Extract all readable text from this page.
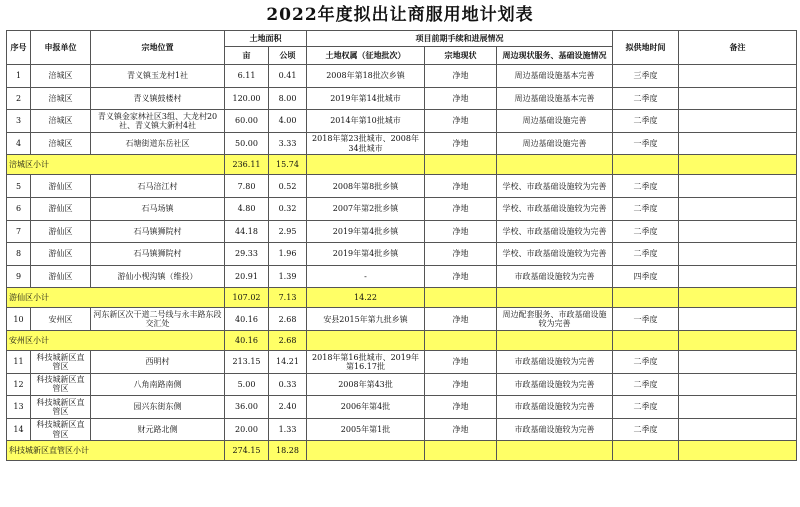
2022年度拟出让商服用地计划表
序号	申报单位	宗地位置	土地面积		项目前期手续和进展情况			拟供地时间	备注
			亩	公顷	土地权属（征地批次）	宗地现状	周边现状服务、基础设施情况		
1	涪城区	青义镇玉龙村1社	6.11	0.41	2008年第18批次乡镇	净地	周边基础设施基本完善	三季度	
2	涪城区	青义镇鼓楼村	120.00	8.00	2019年第14批城市	净地	周边基础设施基本完善	二季度	
3	涪城区	青义镇金家林社区3组、大龙村20社、青义镇大新村4社	60.00	4.00	2014年第10批城市	净地	周边基础设施完善	二季度	
4	涪城区	石塘街道东岳社区	50.00	3.33	2018年第23批城市、2008年34批城市	净地	周边基础设施完善	一季度	
涪城区小计			236.11	15.74					
5	游仙区	石马涪江村	7.80	0.52	2008年第8批乡镇	净地	学校、市政基础设施较为完善	二季度	
6	游仙区	石马场镇	4.80	0.32	2007年第2批乡镇	净地	学校、市政基础设施较为完善	二季度	
7	游仙区	石马镇狮院村	44.18	2.95	2019年第4批乡镇	净地	学校、市政基础设施较为完善	二季度	
8	游仙区	石马镇狮院村	29.33	1.96	2019年第4批乡镇	净地	学校、市政基础设施较为完善	二季度	
9	游仙区	游仙小枧沟镇（维投）	20.91	1.39	-	净地	市政基础设施较为完善	四季度	
游仙区小计			107.02	7.13	14.22				
10	安州区	河东新区次干道二号线与永丰路东段交汇处	40.16	2.68	安县2015年第九批乡镇	净地	周边配套服务、市政基础设施较为完善	一季度	
安州区小计			40.16	2.68					
11	科技城新区直管区	西明村	213.15	14.21	2018年第16批城市、2019年第16.17批	净地	市政基础设施较为完善	二季度	
12	科技城新区直管区	八角南路南侧	5.00	0.33	2008年第43批	净地	市政基础设施较为完善	二季度	
13	科技城新区直管区	园兴东街东侧	36.00	2.40	2006年第4批	净地	市政基础设施较为完善	二季度	
14	科技城新区直管区	财元路北侧	20.00	1.33	2005年第1批	净地	市政基础设施较为完善	二季度	
科技城新区直管区小计			274.15	18.28					
